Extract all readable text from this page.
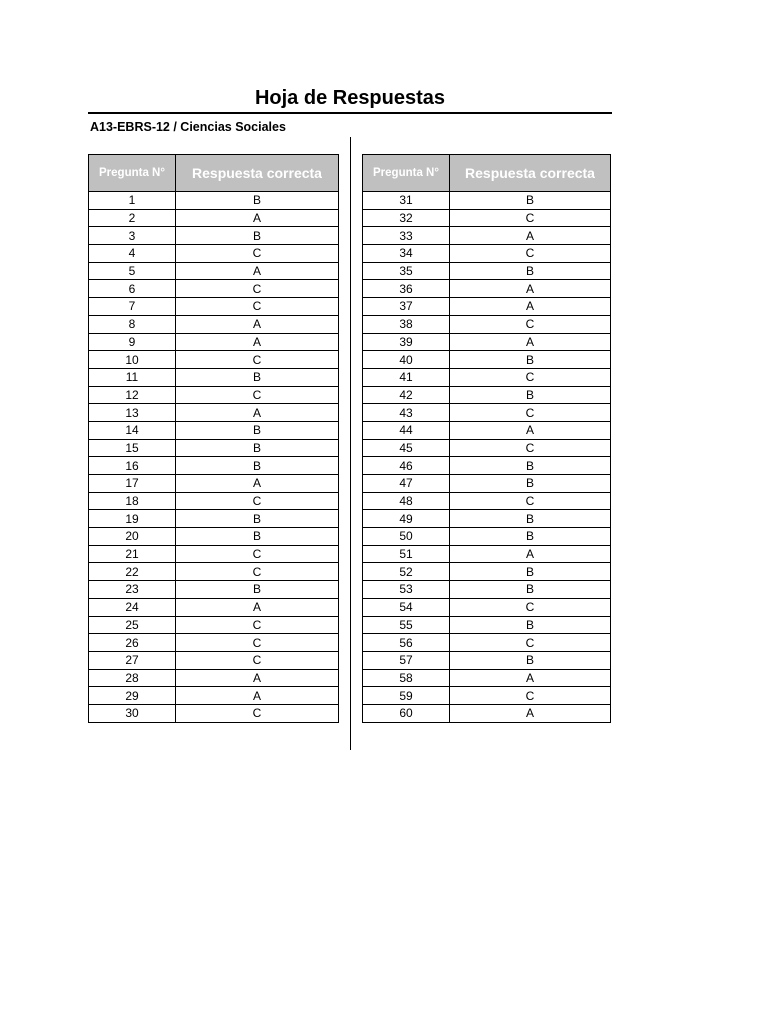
Hoja de Respuestas
A13-EBRS-12 / Ciencias Sociales
Pregunta N°	Respuesta correcta
1	B
2	A
3	B
4	C
5	A
6	C
7	C
8	A
9	A
10	C
11	B
12	C
13	A
14	B
15	B
16	B
17	A
18	C
19	B
20	B
21	C
22	C
23	B
24	A
25	C
26	C
27	C
28	A
29	A
30	C
Pregunta N°	Respuesta correcta
31	B
32	C
33	A
34	C
35	B
36	A
37	A
38	C
39	A
40	B
41	C
42	B
43	C
44	A
45	C
46	B
47	B
48	C
49	B
50	B
51	A
52	B
53	B
54	C
55	B
56	C
57	B
58	A
59	C
60	A
